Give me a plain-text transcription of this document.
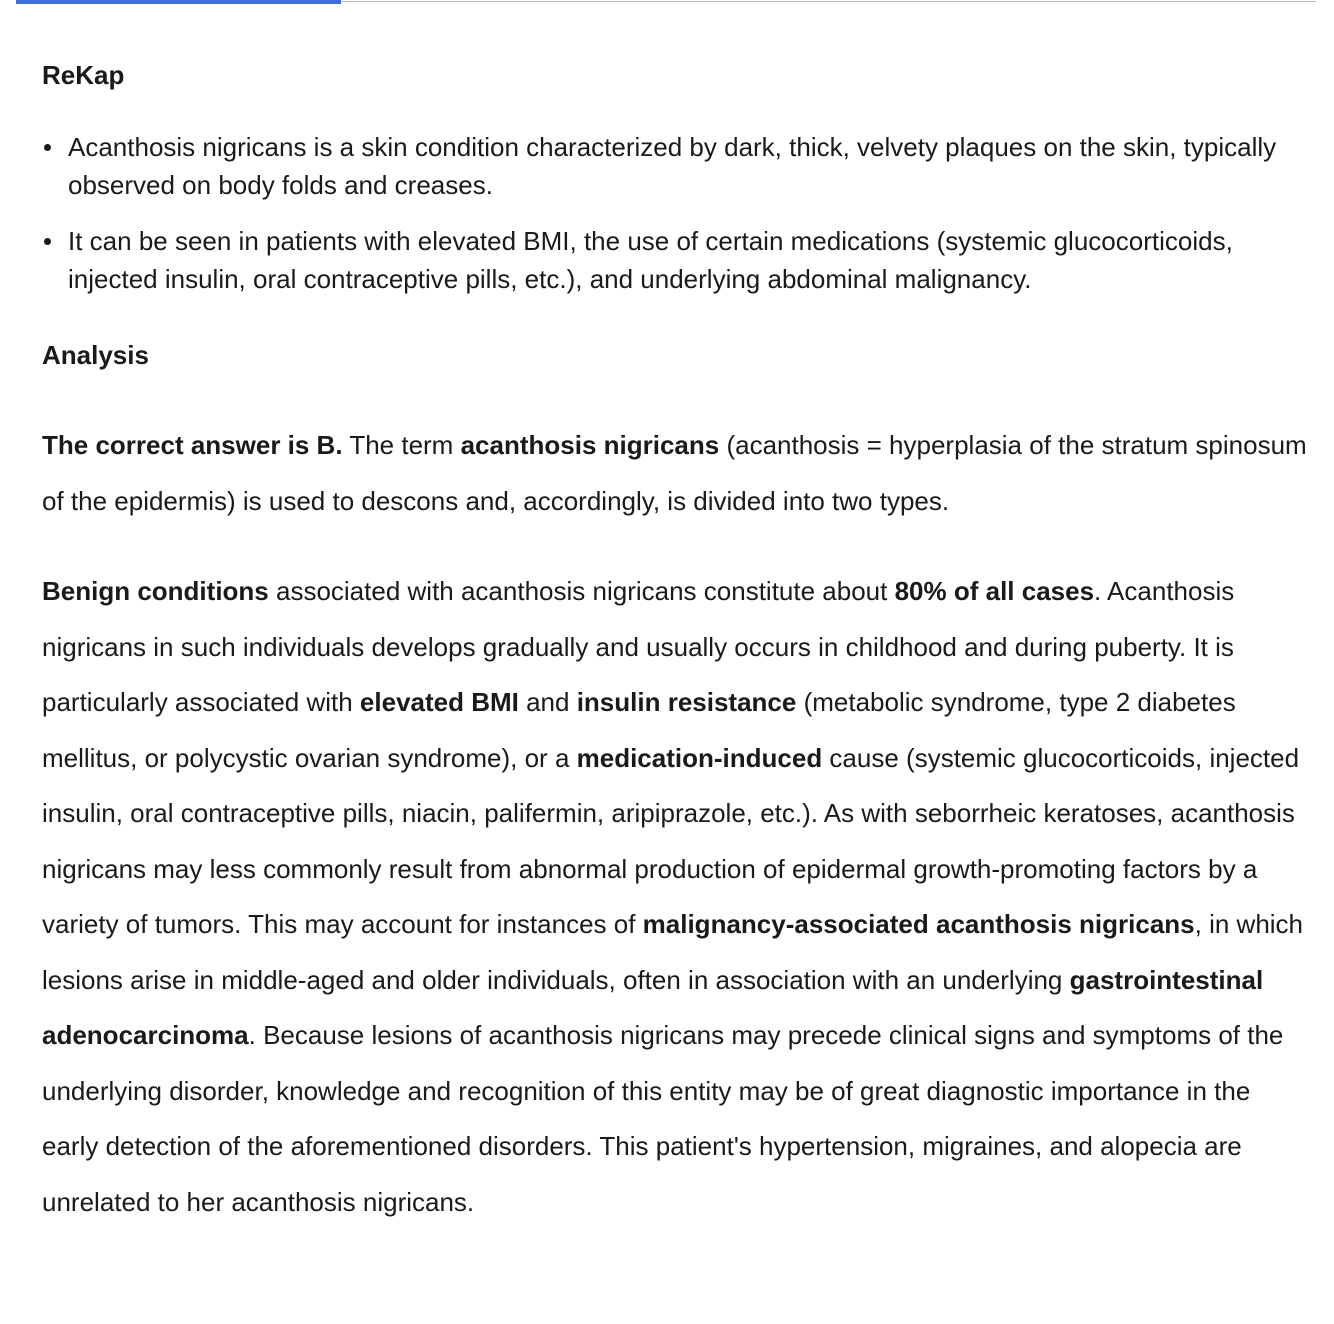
ReKap
Acanthosis nigricans is a skin condition characterized by dark, thick, velvety plaques on the skin, typically observed on body folds and creases.
It can be seen in patients with elevated BMI, the use of certain medications (systemic glucocorticoids, injected insulin, oral contraceptive pills, etc.), and underlying abdominal malignancy.
Analysis

The correct answer is B. The term acanthosis nigricans (acanthosis = hyperplasia of the stratum spinosum of the epidermis) is used to descons and, accordingly, is divided into two types.

Benign conditions associated with acanthosis nigricans constitute about 80% of all cases. Acanthosis nigricans in such individuals develops gradually and usually occurs in childhood and during puberty. It is particularly associated with elevated BMI and insulin resistance (metabolic syndrome, type 2 diabetes mellitus, or polycystic ovarian syndrome), or a medication-induced cause (systemic glucocorticoids, injected insulin, oral contraceptive pills, niacin, palifermin, aripiprazole, etc.). As with seborrheic keratoses, acanthosis nigricans may less commonly result from abnormal production of epidermal growth-promoting factors by a variety of tumors. This may account for instances of malignancy-associated acanthosis nigricans, in which lesions arise in middle-aged and older individuals, often in association with an underlying gastrointestinal adenocarcinoma. Because lesions of acanthosis nigricans may precede clinical signs and symptoms of the underlying disorder, knowledge and recognition of this entity may be of great diagnostic importance in the early detection of the aforementioned disorders. This patient's hypertension, migraines, and alopecia are unrelated to her acanthosis nigricans.
